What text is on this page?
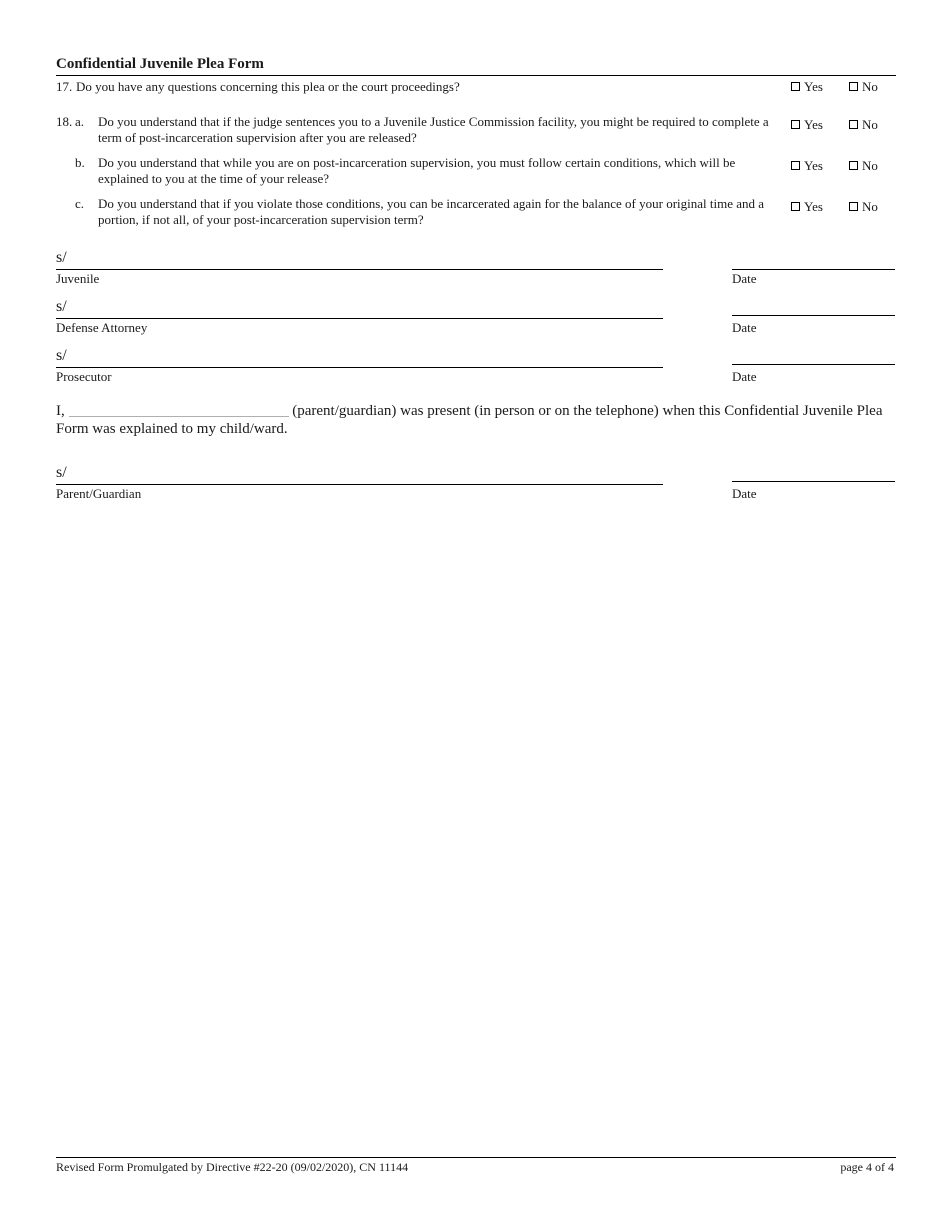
Confidential Juvenile Plea Form
17. Do you have any questions concerning this plea or the court proceedings?	Yes	No
18. a. Do you understand that if the judge sentences you to a Juvenile Justice Commission facility, you might be required to complete a term of post-incarceration supervision after you are released?
Yes	No
b. Do you understand that while you are on post-incarceration supervision, you must follow certain conditions, which will be explained to you at the time of your release?
Yes	No
c. Do you understand that if you violate those conditions, you can be incarcerated again for the balance of your original time and a portion, if not all, of your post-incarceration supervision term?
Yes	No
s/
Juvenile	Date
s/
Defense Attorney	Date
s/
Prosecutor	Date
I,	(parent/guardian) was present (in person or on the telephone) when this Confidential Juvenile Plea Form was explained to my child/ward.
s/
Parent/Guardian	Date
Revised Form Promulgated by Directive #22-20 (09/02/2020), CN 11144	page 4 of 4
